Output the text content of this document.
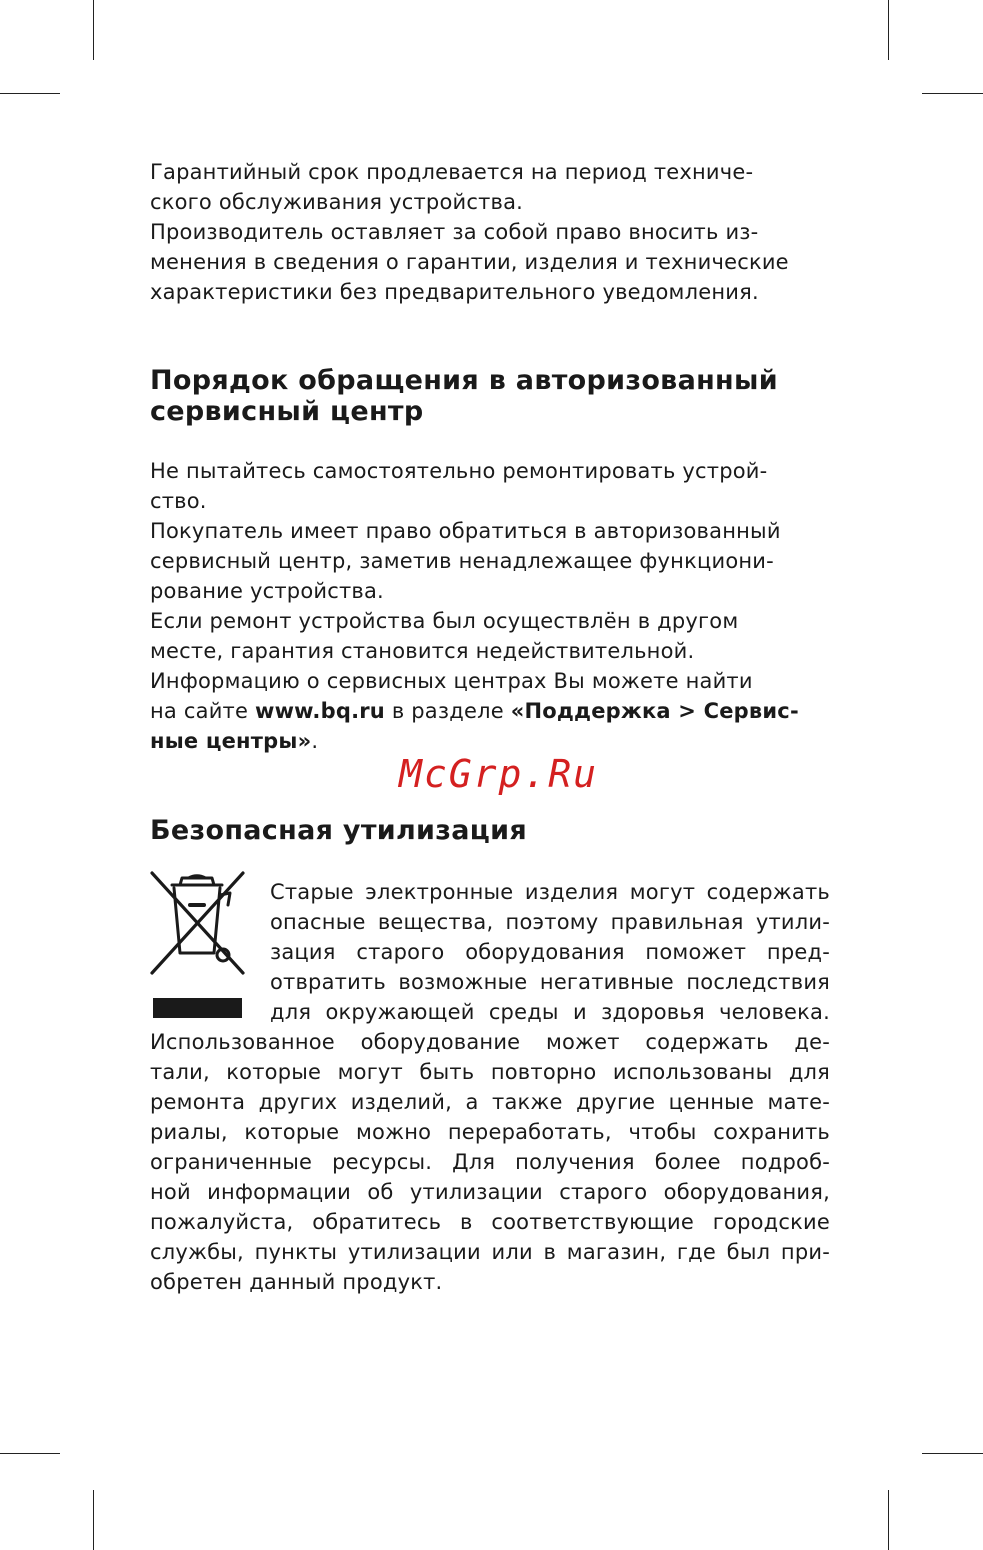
Гарантийный срок продлевается на период техниче-
ского обслуживания устройства.
Производитель оставляет за собой право вносить из-
менения в сведения о гарантии, изделия и технические
характеристики без предварительного уведомления.
Порядок обращения в авторизованный
сервисный центр
Не пытайтесь самостоятельно ремонтировать устрой-
ство.
Покупатель имеет право обратиться в авторизованный
сервисный центр, заметив ненадлежащее функциони-
рование устройства.
Если ремонт устройства был осуществлён в другом
месте, гарантия становится недействительной.
Информацию о сервисных центрах Вы можете найти
на сайте www.bq.ru в разделе «Поддержка > Сервис-
ные центры».
McGrp.Ru
Безопасная утилизация
Старые электронные изделия могут содержать
опасные вещества, поэтому правильная утили-
зация старого оборудования поможет пред-
отвратить возможные негативные последствия
для окружающей среды и здоровья человека.
Использованное оборудование может содержать де-
тали, которые могут быть повторно использованы для
ремонта других изделий, а также другие ценные мате-
риалы, которые можно переработать, чтобы сохранить
ограниченные ресурсы. Для получения более подроб-
ной информации об утилизации старого оборудования,
пожалуйста, обратитесь в соответствующие городские
службы, пункты утилизации или в магазин, где был при-
обретен данный продукт.
